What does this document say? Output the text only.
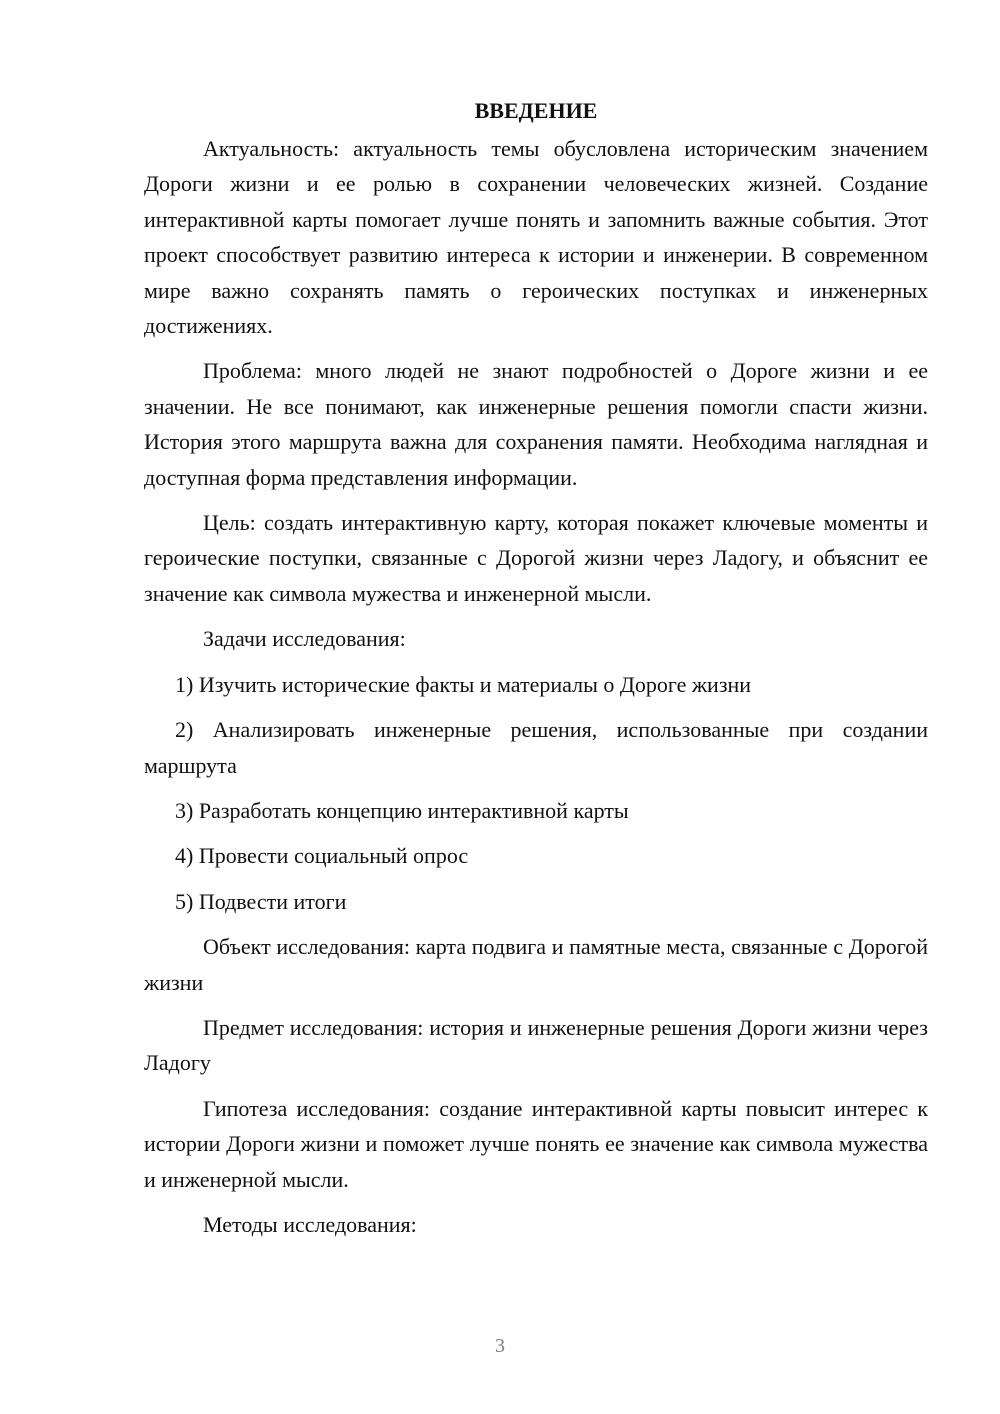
ВВЕДЕНИЕ

Актуальность: актуальность темы обусловлена историческим значением Дороги жизни и ее ролью в сохранении человеческих жизней. Создание интерактивной карты помогает лучше понять и запомнить важные события. Этот проект способствует развитию интереса к истории и инженерии. В современном мире важно сохранять память о героических поступках и инженерных достижениях.

Проблема: много людей не знают подробностей о Дороге жизни и ее значении. Не все понимают, как инженерные решения помогли спасти жизни. История этого маршрута важна для сохранения памяти. Необходима наглядная и доступная форма представления информации.

Цель: создать интерактивную карту, которая покажет ключевые моменты и героические поступки, связанные с Дорогой жизни через Ладогу, и объяснит ее значение как символа мужества и инженерной мысли.

Задачи исследования:

1) Изучить исторические факты и материалы о Дороге жизни

2) Анализировать инженерные решения, использованные при создании маршрута

3) Разработать концепцию интерактивной карты

4) Провести социальный опрос

5) Подвести итоги

Объект исследования: карта подвига и памятные места, связанные с Дорогой жизни

Предмет исследования: история и инженерные решения Дороги жизни через Ладогу

Гипотеза исследования: создание интерактивной карты повысит интерес к истории Дороги жизни и поможет лучше понять ее значение как символа мужества и инженерной мысли.

Методы исследования:

3
